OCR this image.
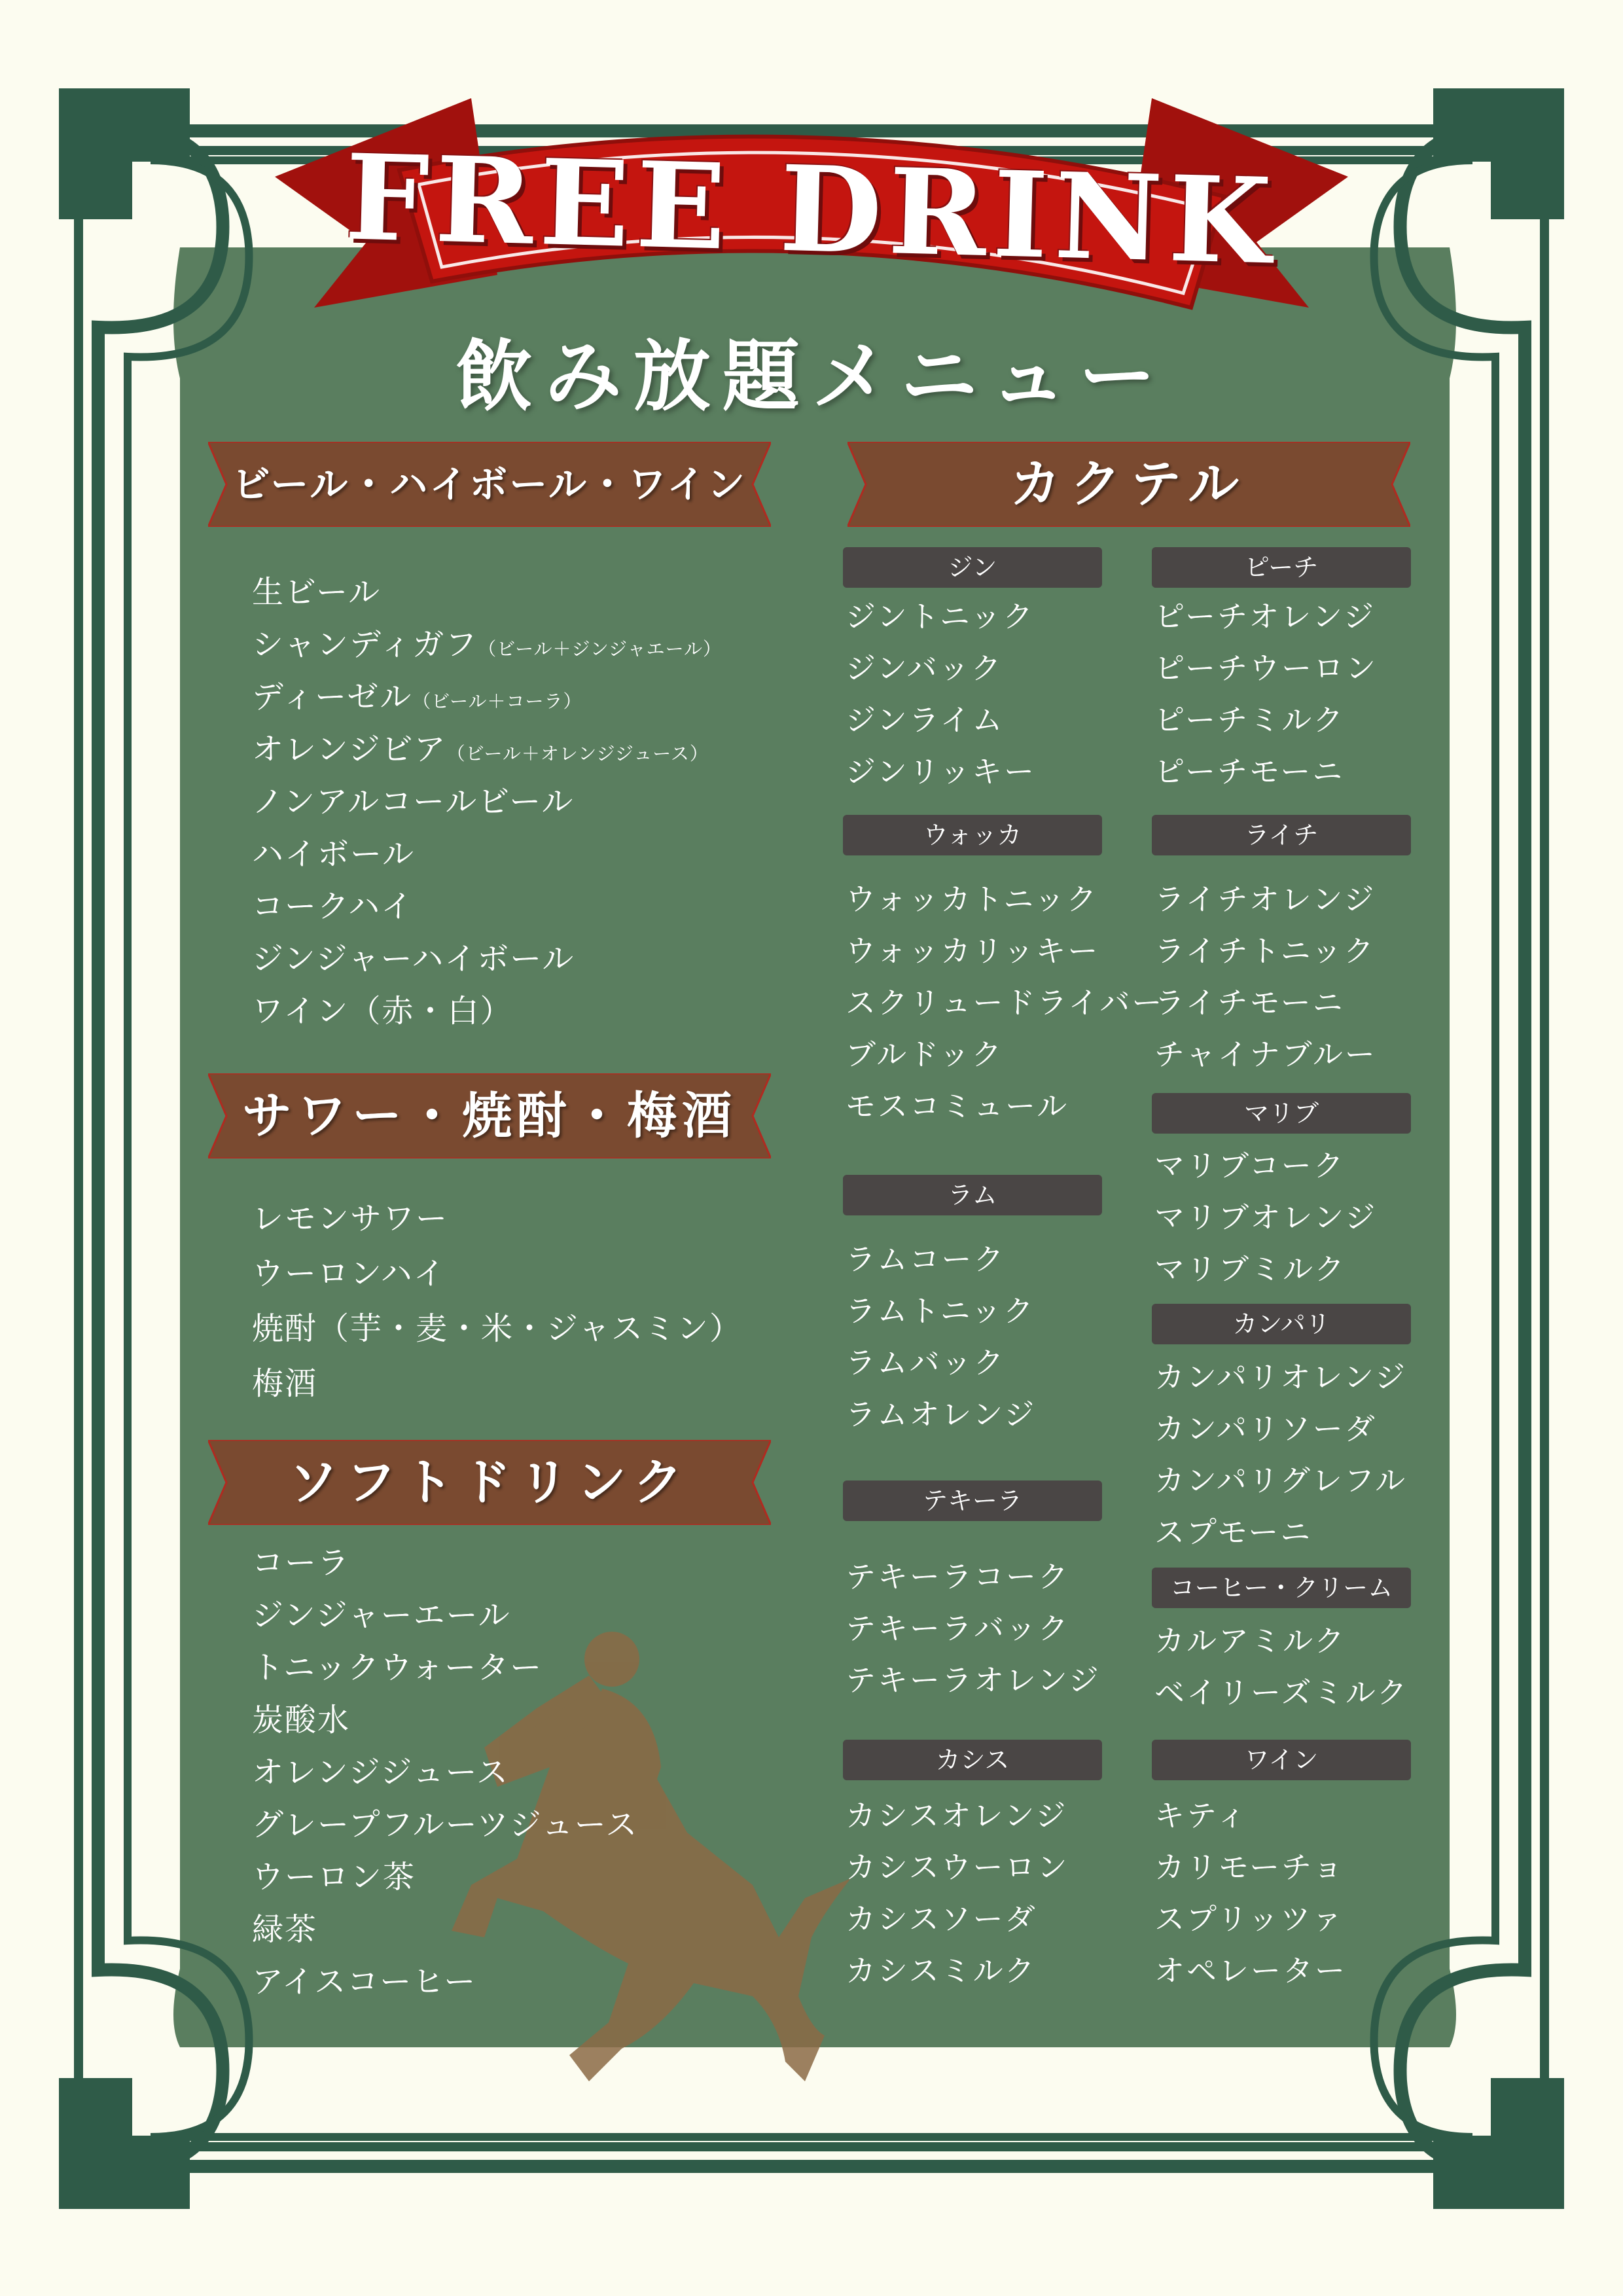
FREE DRINK
飲み放題メニュー
ビール・ハイボール・ワイン	カクテル
サワー・焼酎・梅酒
ソフトドリンク
生ビール
シャンディガフ（ビール＋ジンジャエール）
ディーゼル（ビール＋コーラ）
オレンジビア（ビール＋オレンジジュース）
ノンアルコールビール
ハイボール
コークハイ
ジンジャーハイボール
ワイン（赤・白）
レモンサワー
ウーロンハイ
焼酎（芋・麦・米・ジャスミン）
梅酒
コーラ
ジンジャーエール
トニックウォーター
炭酸水
オレンジジュース
グレープフルーツジュース
ウーロン茶
緑茶
アイスコーヒー
ジン
ジントニック
ジンバック
ジンライム
ジンリッキー
ウォッカ
ウォッカトニック
ウォッカリッキー
スクリュードライバー
ブルドック
モスコミュール
ラム
ラムコーク
ラムトニック
ラムバック
ラムオレンジ
テキーラ
テキーラコーク
テキーラバック
テキーラオレンジ
カシス
カシスオレンジ
カシスウーロン
カシスソーダ
カシスミルク
ピーチ
ピーチオレンジ
ピーチウーロン
ピーチミルク
ピーチモーニ
ライチ
ライチオレンジ
ライチトニック
ライチモーニ
チャイナブルー
マリブ
マリブコーク
マリブオレンジ
マリブミルク
カンパリ
カンパリオレンジ
カンパリソーダ
カンパリグレフル
スプモーニ
コーヒー・クリーム
カルアミルク
ベイリーズミルク
ワイン
キティ
カリモーチョ
スプリッツァ
オペレーター
